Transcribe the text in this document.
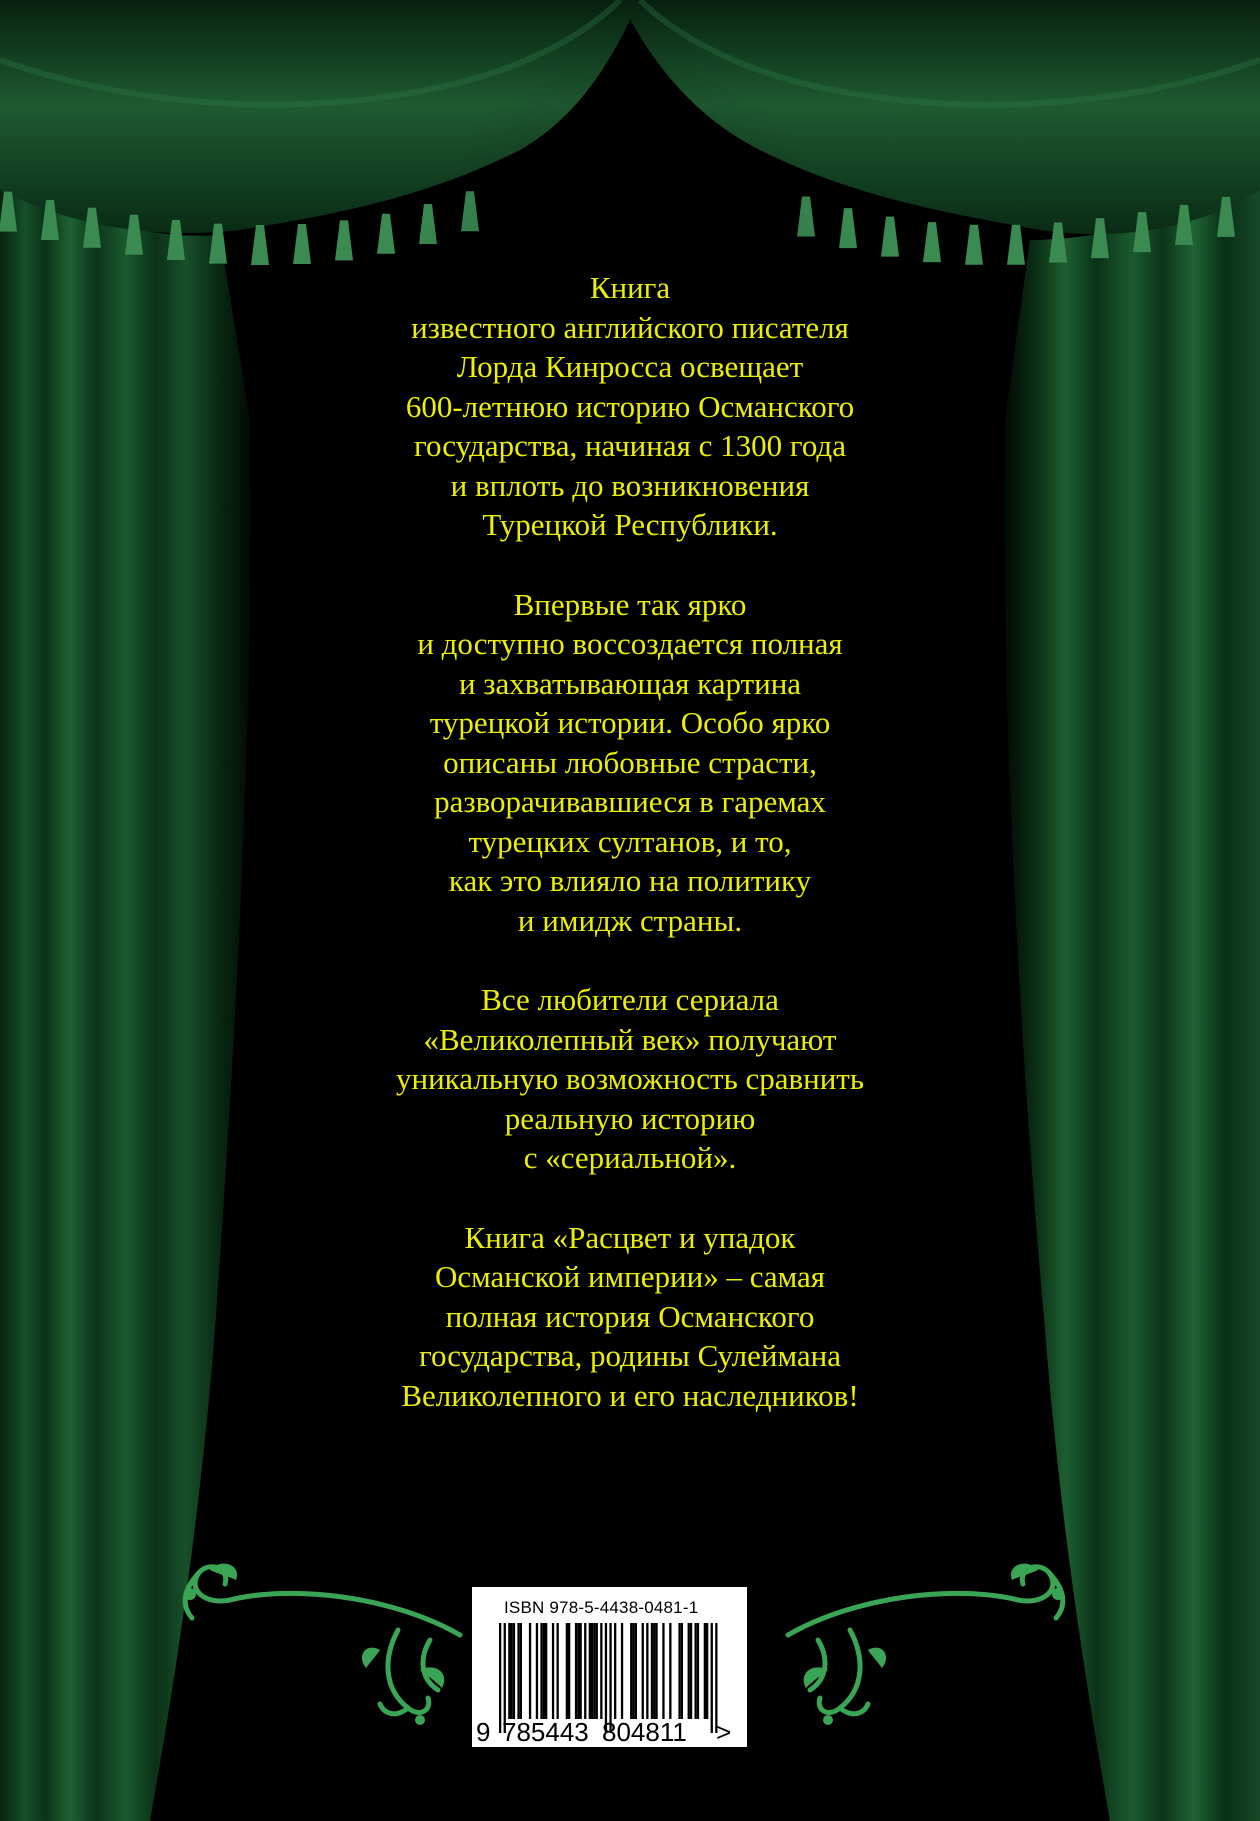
Книга
известного английского писателя
Лорда Кинросса освещает
600-летнюю историю Османского
государства, начиная с 1300 года
и вплоть до возникновения
Турецкой Республики.
Впервые так ярко
и доступно воссоздается полная
и захватывающая картина
турецкой истории. Особо ярко
описаны любовные страсти,
разворачивавшиеся в гаремах
турецких султанов, и то,
как это влияло на политику
и имидж страны.
Все любители сериала
«Великолепный век» получают
уникальную возможность сравнить
реальную историю
с «сериальной».
Книга «Расцвет и упадок
Османской империи» – самая
полная история Османского
государства, родины Сулеймана
Великолепного и его наследников!
ISBN 978-5-4438-0481-1
9 785443 804811 >
